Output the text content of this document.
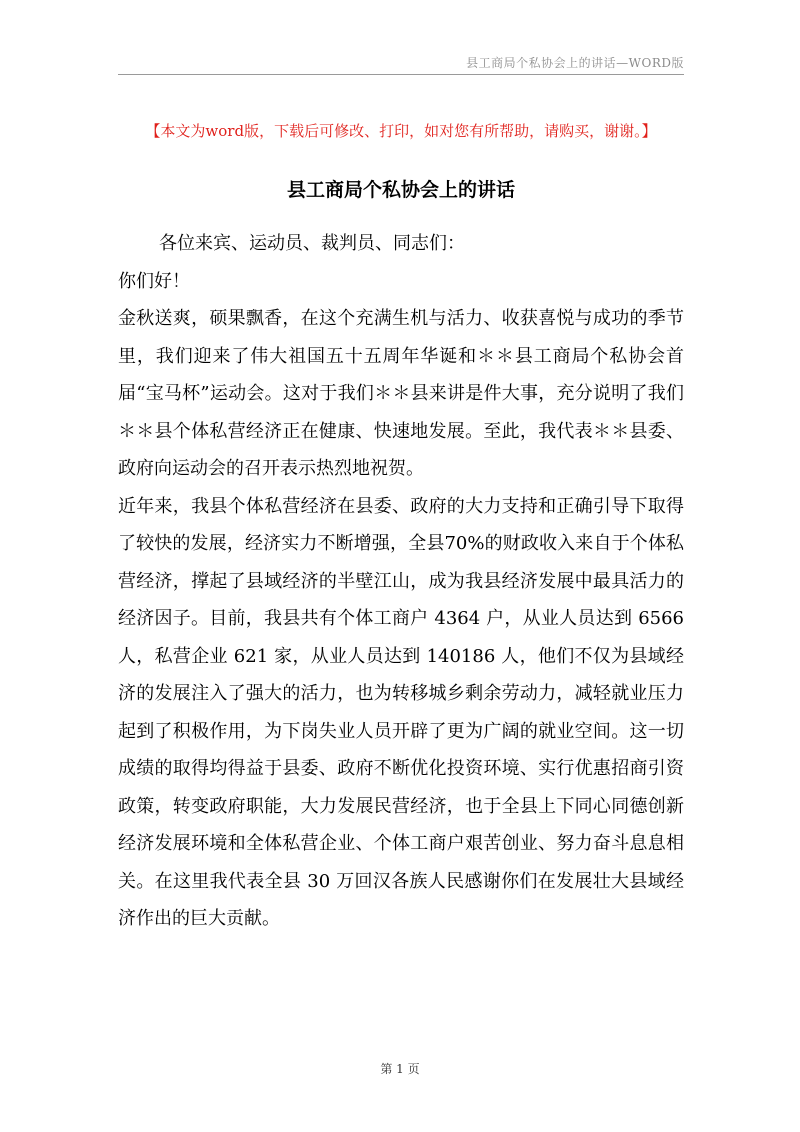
县工商局个私协会上的讲话—WORD版
【本文为word版，下载后可修改、打印，如对您有所帮助，请购买，谢谢。】
县工商局个私协会上的讲话

各位来宾、运动员、裁判员、同志们：

你们好！

金秋送爽，硕果飘香，在这个充满生机与活力、收获喜悦与成功的季节里，我们迎来了伟大祖国五十五周年华诞和＊＊县工商局个私协会首届“宝马杯”运动会。这对于我们＊＊县来讲是件大事，充分说明了我们＊＊县个体私营经济正在健康、快速地发展。至此，我代表＊＊县委、政府向运动会的召开表示热烈地祝贺。

近年来，我县个体私营经济在县委、政府的大力支持和正确引导下取得了较快的发展，经济实力不断增强，全县70%的财政收入来自于个体私营经济，撑起了县域经济的半壁江山，成为我县经济发展中最具活力的经济因子。目前，我县共有个体工商户 4364 户，从业人员达到 6566 人，私营企业 621 家，从业人员达到 140186 人，他们不仅为县域经济的发展注入了强大的活力，也为转移城乡剩余劳动力，减轻就业压力起到了积极作用，为下岗失业人员开辟了更为广阔的就业空间。这一切成绩的取得均得益于县委、政府不断优化投资环境、实行优惠招商引资政策，转变政府职能，大力发展民营经济，也于全县上下同心同德创新经济发展环境和全体私营企业、个体工商户艰苦创业、努力奋斗息息相关。在这里我代表全县 30 万回汉各族人民感谢你们在发展壮大县域经济作出的巨大贡献。

第 1 页
